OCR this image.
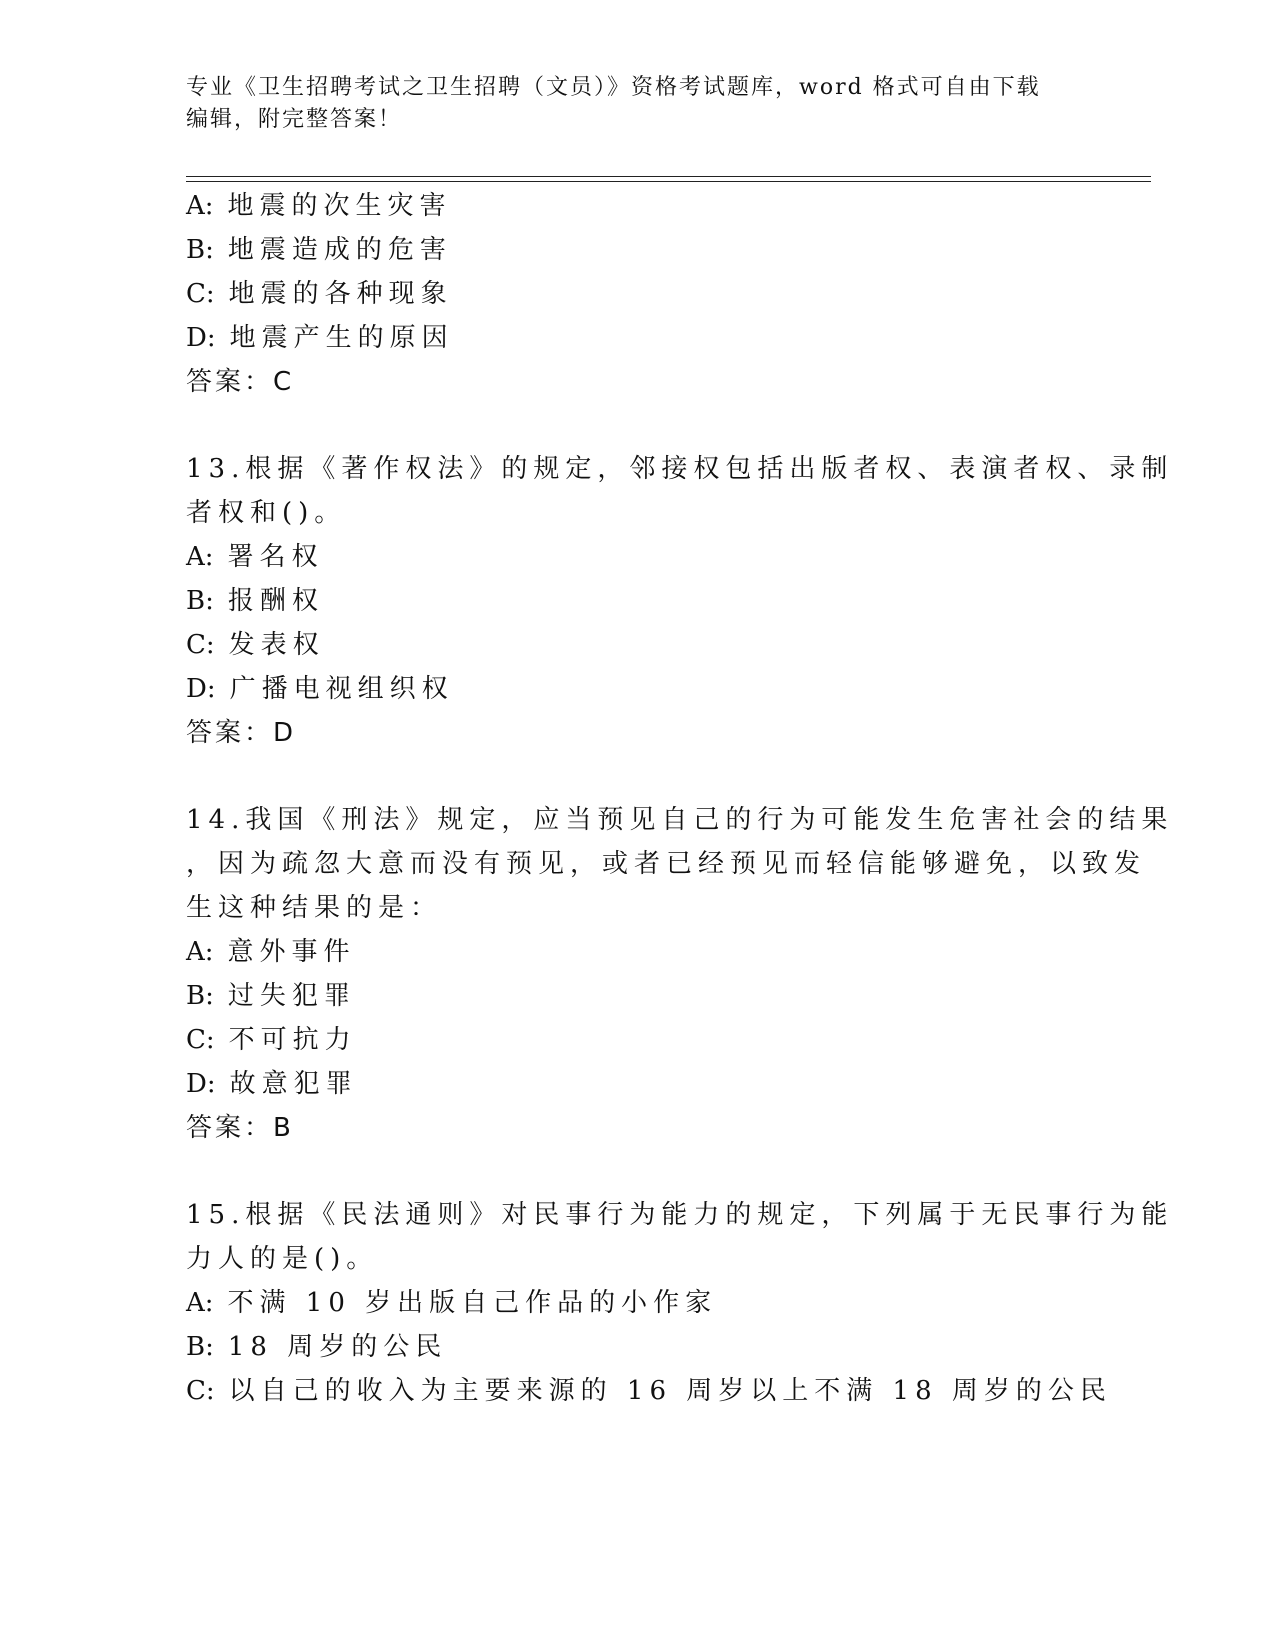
专业《卫生招聘考试之卫生招聘（文员）》资格考试题库，word 格式可自由下载
编辑，附完整答案！
A: 地震的次生灾害
B: 地震造成的危害
C: 地震的各种现象
D: 地震产生的原因
答案：C
13.根据《著作权法》的规定，邻接权包括出版者权、表演者权、录制
者权和()。
A: 署名权
B: 报酬权
C: 发表权
D: 广播电视组织权
答案：D
14.我国《刑法》规定，应当预见自己的行为可能发生危害社会的结果
，因为疏忽大意而没有预见，或者已经预见而轻信能够避免，以致发
生这种结果的是：
A: 意外事件
B: 过失犯罪
C: 不可抗力
D: 故意犯罪
答案：B
15.根据《民法通则》对民事行为能力的规定，下列属于无民事行为能
力人的是()。
A: 不满 10 岁出版自己作品的小作家
B: 18 周岁的公民
C: 以自己的收入为主要来源的 16 周岁以上不满 18 周岁的公民
